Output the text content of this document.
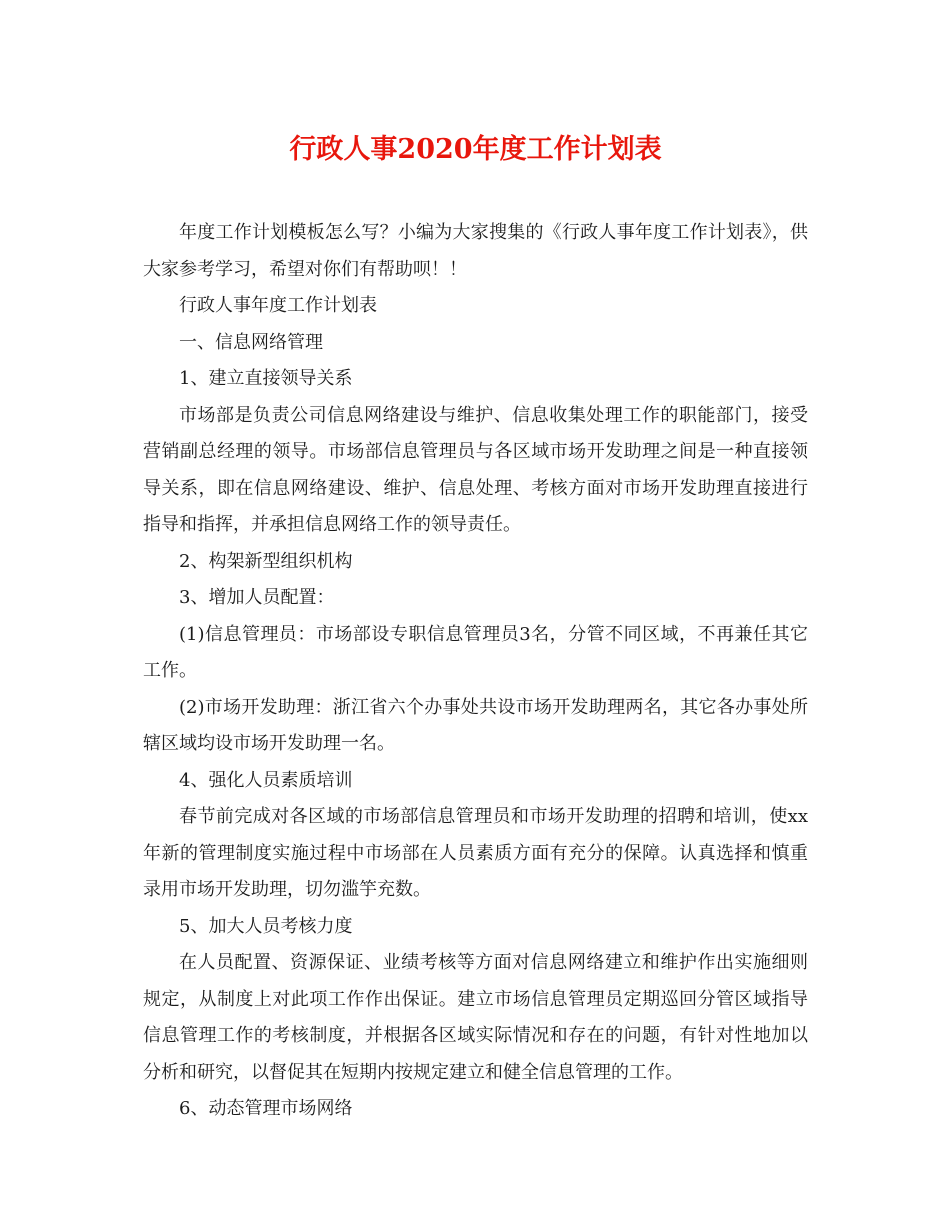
行政人事2020年度工作计划表

年度工作计划模板怎么写？小编为大家搜集的《行政人事年度工作计划表》，供大家参考学习，希望对你们有帮助呗！！

行政人事年度工作计划表

一、信息网络管理

1、建立直接领导关系

市场部是负责公司信息网络建设与维护、信息收集处理工作的职能部门，接受营销副总经理的领导。市场部信息管理员与各区域市场开发助理之间是一种直接领导关系，即在信息网络建设、维护、信息处理、考核方面对市场开发助理直接进行指导和指挥，并承担信息网络工作的领导责任。

2、构架新型组织机构

3、增加人员配置：

(1)信息管理员：市场部设专职信息管理员3名，分管不同区域，不再兼任其它工作。

(2)市场开发助理：浙江省六个办事处共设市场开发助理两名，其它各办事处所辖区域均设市场开发助理一名。

4、强化人员素质培训

春节前完成对各区域的市场部信息管理员和市场开发助理的招聘和培训，使xx年新的管理制度实施过程中市场部在人员素质方面有充分的保障。认真选择和慎重录用市场开发助理，切勿滥竽充数。

5、加大人员考核力度

在人员配置、资源保证、业绩考核等方面对信息网络建立和维护作出实施细则规定，从制度上对此项工作作出保证。建立市场信息管理员定期巡回分管区域指导信息管理工作的考核制度，并根据各区域实际情况和存在的问题，有针对性地加以分析和研究，以督促其在短期内按规定建立和健全信息管理的工作。

6、动态管理市场网络
